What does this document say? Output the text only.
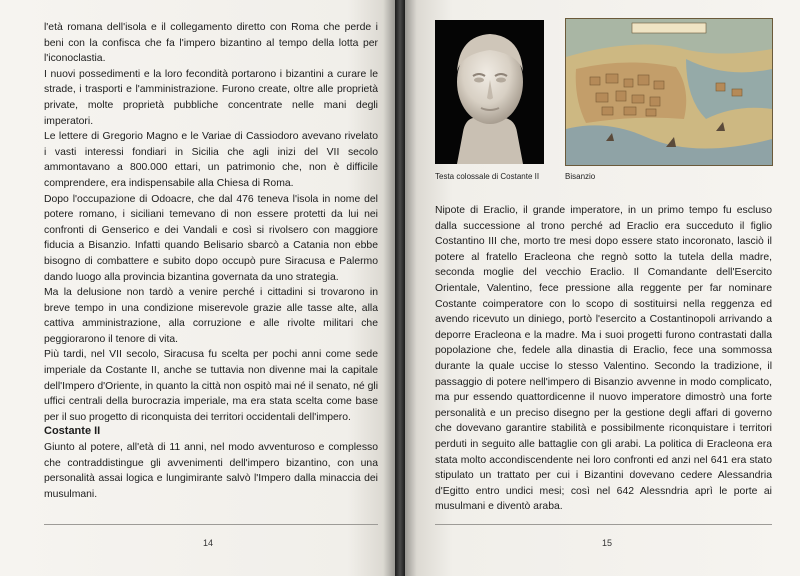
l'età romana dell'isola e il collegamento diretto con Roma che perde i beni con la confisca che fa l'impero bizantino al tempo della lotta per l'iconoclastia.

I nuovi possedimenti e la loro fecondità portarono i bizantini a curare le strade, i trasporti e l'amministrazione. Furono create, oltre alle proprietà private, molte proprietà pubbliche concentrate nelle mani degli imperatori.

Le lettere di Gregorio Magno e le Variae di Cassiodoro avevano rivelato i vasti interessi fondiari in Sicilia che agli inizi del VII secolo ammontavano a 800.000 ettari, un patrimonio che, non è difficile comprendere, era indispensabile alla Chiesa di Roma.

Dopo l'occupazione di Odoacre, che dal 476 teneva l'isola in nome del potere romano, i siciliani temevano di non essere protetti da lui nei confronti di Genserico e dei Vandali e così si rivolsero con maggiore fiducia a Bisanzio. Infatti quando Belisario sbarcò a Catania non ebbe bisogno di combattere e subito dopo occupò pure Siracusa e Palermo dando luogo alla provincia bizantina governata da uno strategia.

Ma la delusione non tardò a venire perché i cittadini si trovarono in breve tempo in una condizione miserevole grazie alle tasse alte, alla cattiva amministrazione, alla corruzione e alle rivolte militari che peggiorarono il tenore di vita.

Più tardi, nel VII secolo, Siracusa fu scelta per pochi anni come sede imperiale da Costante II, anche se tuttavia non divenne mai la capitale dell'Impero d'Oriente, in quanto la città non ospitò mai né il senato, né gli uffici centrali della burocrazia imperiale, ma era stata scelta come base per il suo progetto di riconquista dei territori occidentali dell'impero.

Costante II

Giunto al potere, all'età di 11 anni, nel modo avventuroso e complesso che contraddistingue gli avvenimenti dell'impero bizantino, con una personalità assai logica e lungimirante salvò l'Impero dalla minaccia dei musulmani.

14
Testa colossale di Costante II	Bisanzio

Nipote di Eraclio, il grande imperatore, in un primo tempo fu escluso dalla successione al trono perché ad Eraclio era succeduto il figlio Costantino III che, morto tre mesi dopo essere stato incoronato, lasciò il potere al fratello Eracleona che regnò sotto la tutela della madre, seconda moglie del vecchio Eraclio. Il Comandante dell'Esercito Orientale, Valentino, fece pressione alla reggente per far nominare Costante coimperatore con lo scopo di sostituirsi nella reggenza ed avendo ricevuto un diniego, portò l'esercito a Costantinopoli arrivando a deporre Eracleona e la madre. Ma i suoi progetti furono contrastati dalla popolazione che, fedele alla dinastia di Eraclio, fece una sommossa durante la quale uccise lo stesso Valentino. Secondo la tradizione, il passaggio di potere nell'impero di Bisanzio avvenne in modo complicato, ma pur essendo quattordicenne il nuovo imperatore dimostrò una forte personalità e un preciso disegno per la gestione degli affari di governo che dovevano garantire stabilità e possibilmente riconquistare i territori perduti in seguito alle battaglie con gli arabi. La politica di Eracleona era stata molto accondiscendente nei loro confronti ed anzi nel 641 era stato stipulato un trattato per cui i Bizantini dovevano cedere Alessandria d'Egitto entro undici mesi; così nel 642 Alessndria aprì le porte ai musulmani e diventò araba.

15
